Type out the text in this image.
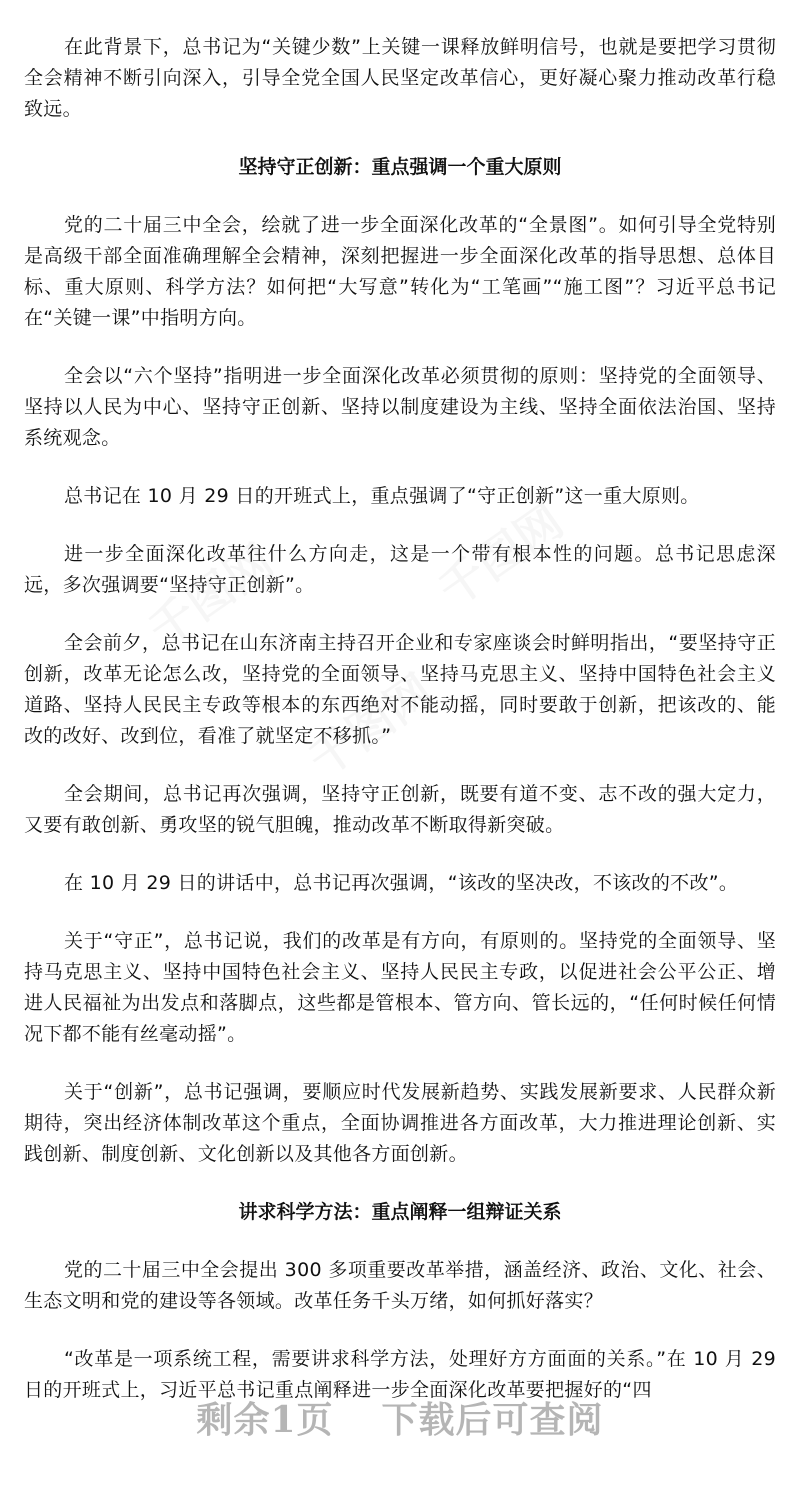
在此背景下，总书记为“关键少数”上关键一课释放鲜明信号，也就是要把学习贯彻全会精神不断引向深入，引导全党全国人民坚定改革信心，更好凝心聚力推动改革行稳致远。

坚持守正创新：重点强调一个重大原则

党的二十届三中全会，绘就了进一步全面深化改革的“全景图”。如何引导全党特别是高级干部全面准确理解全会精神，深刻把握进一步全面深化改革的指导思想、总体目标、重大原则、科学方法？如何把“大写意”转化为“工笔画”“施工图”？习近平总书记在“关键一课”中指明方向。

全会以“六个坚持”指明进一步全面深化改革必须贯彻的原则：坚持党的全面领导、坚持以人民为中心、坚持守正创新、坚持以制度建设为主线、坚持全面依法治国、坚持系统观念。

总书记在 10 月 29 日的开班式上，重点强调了“守正创新”这一重大原则。

进一步全面深化改革往什么方向走，这是一个带有根本性的问题。总书记思虑深远，多次强调要“坚持守正创新”。

全会前夕，总书记在山东济南主持召开企业和专家座谈会时鲜明指出，“要坚持守正创新，改革无论怎么改，坚持党的全面领导、坚持马克思主义、坚持中国特色社会主义道路、坚持人民民主专政等根本的东西绝对不能动摇，同时要敢于创新，把该改的、能改的改好、改到位，看准了就坚定不移抓。”

全会期间，总书记再次强调，坚持守正创新，既要有道不变、志不改的强大定力，又要有敢创新、勇攻坚的锐气胆魄，推动改革不断取得新突破。

在 10 月 29 日的讲话中，总书记再次强调，“该改的坚决改，不该改的不改”。

关于“守正”，总书记说，我们的改革是有方向，有原则的。坚持党的全面领导、坚持马克思主义、坚持中国特色社会主义、坚持人民民主专政，以促进社会公平公正、增进人民福祉为出发点和落脚点，这些都是管根本、管方向、管长远的，“任何时候任何情况下都不能有丝毫动摇”。

关于“创新”，总书记强调，要顺应时代发展新趋势、实践发展新要求、人民群众新期待，突出经济体制改革这个重点，全面协调推进各方面改革，大力推进理论创新、实践创新、制度创新、文化创新以及其他各方面创新。

讲求科学方法：重点阐释一组辩证关系

党的二十届三中全会提出 300 多项重要改革举措，涵盖经济、政治、文化、社会、生态文明和党的建设等各领域。改革任务千头万绪，如何抓好落实？

“改革是一项系统工程，需要讲求科学方法，处理好方方面面的关系。”在 10 月 29 日的开班式上，习近平总书记重点阐释进一步全面深化改革要把握好的“四

剩余1页 下载后可查阅
